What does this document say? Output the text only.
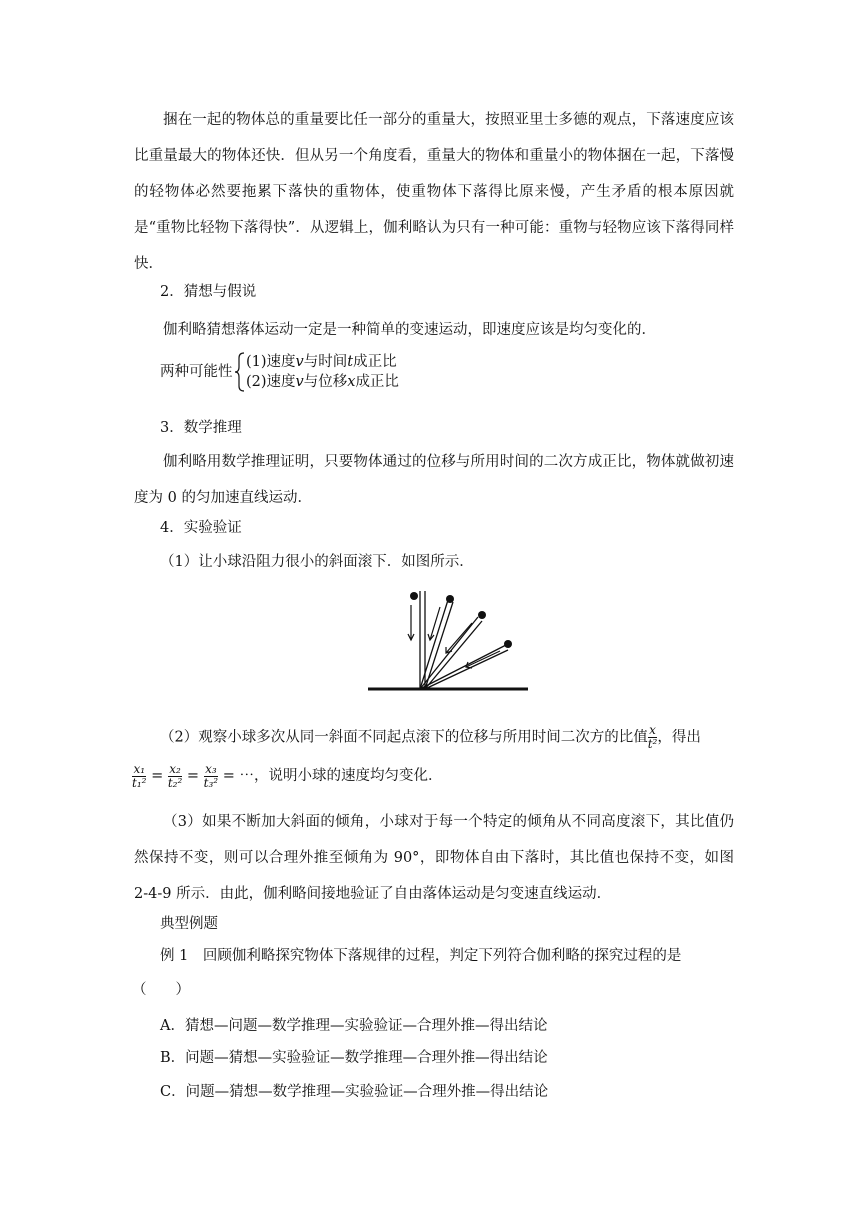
捆在一起的物体总的重量要比任一部分的重量大，按照亚里士多德的观点，下落速度应该比重量最大的物体还快．但从另一个角度看，重量大的物体和重量小的物体捆在一起，下落慢的轻物体必然要拖累下落快的重物体，使重物体下落得比原来慢，产生矛盾的根本原因就是“重物比轻物下落得快”．从逻辑上，伽利略认为只有一种可能：重物与轻物应该下落得同样快．

2．猜想与假说

伽利略猜想落体运动一定是一种简单的变速运动，即速度应该是均匀变化的．

两种可能性
(1)速度v与时间t成正比
(2)速度v与位移x成正比
3．数学推理

伽利略用数学推理证明，只要物体通过的位移与所用时间的二次方成正比，物体就做初速度为 0 的匀加速直线运动．

4．实验验证
（1）让小球沿阻力很小的斜面滚下．如图所示．
（2）观察小球多次从同一斜面不同起点滚下的位移与所用时间二次方的比值 $\frac{x}{\text{t²}}$ ，得出
$\frac{\text{x₁}}{\text{t₁²}} = \frac{\text{x₂}}{\text{t₂²}} = \frac{\text{x₃}}{\text{t₃²}}$ = ⋯，说明小球的速度均匀变化．

（3）如果不断加大斜面的倾角，小球对于每一个特定的倾角从不同高度滚下，其比值仍然保持不变，则可以合理外推至倾角为 90°，即物体自由下落时，其比值也保持不变，如图 2-4-9 所示．由此，伽利略间接地验证了自由落体运动是匀变速直线运动．

典型例题
例 1　回顾伽利略探究物体下落规律的过程，判定下列符合伽利略的探究过程的是
（　　）
A．猜想—问题—数学推理—实验验证—合理外推—得出结论
B．问题—猜想—实验验证—数学推理—合理外推—得出结论
C．问题—猜想—数学推理—实验验证—合理外推—得出结论
